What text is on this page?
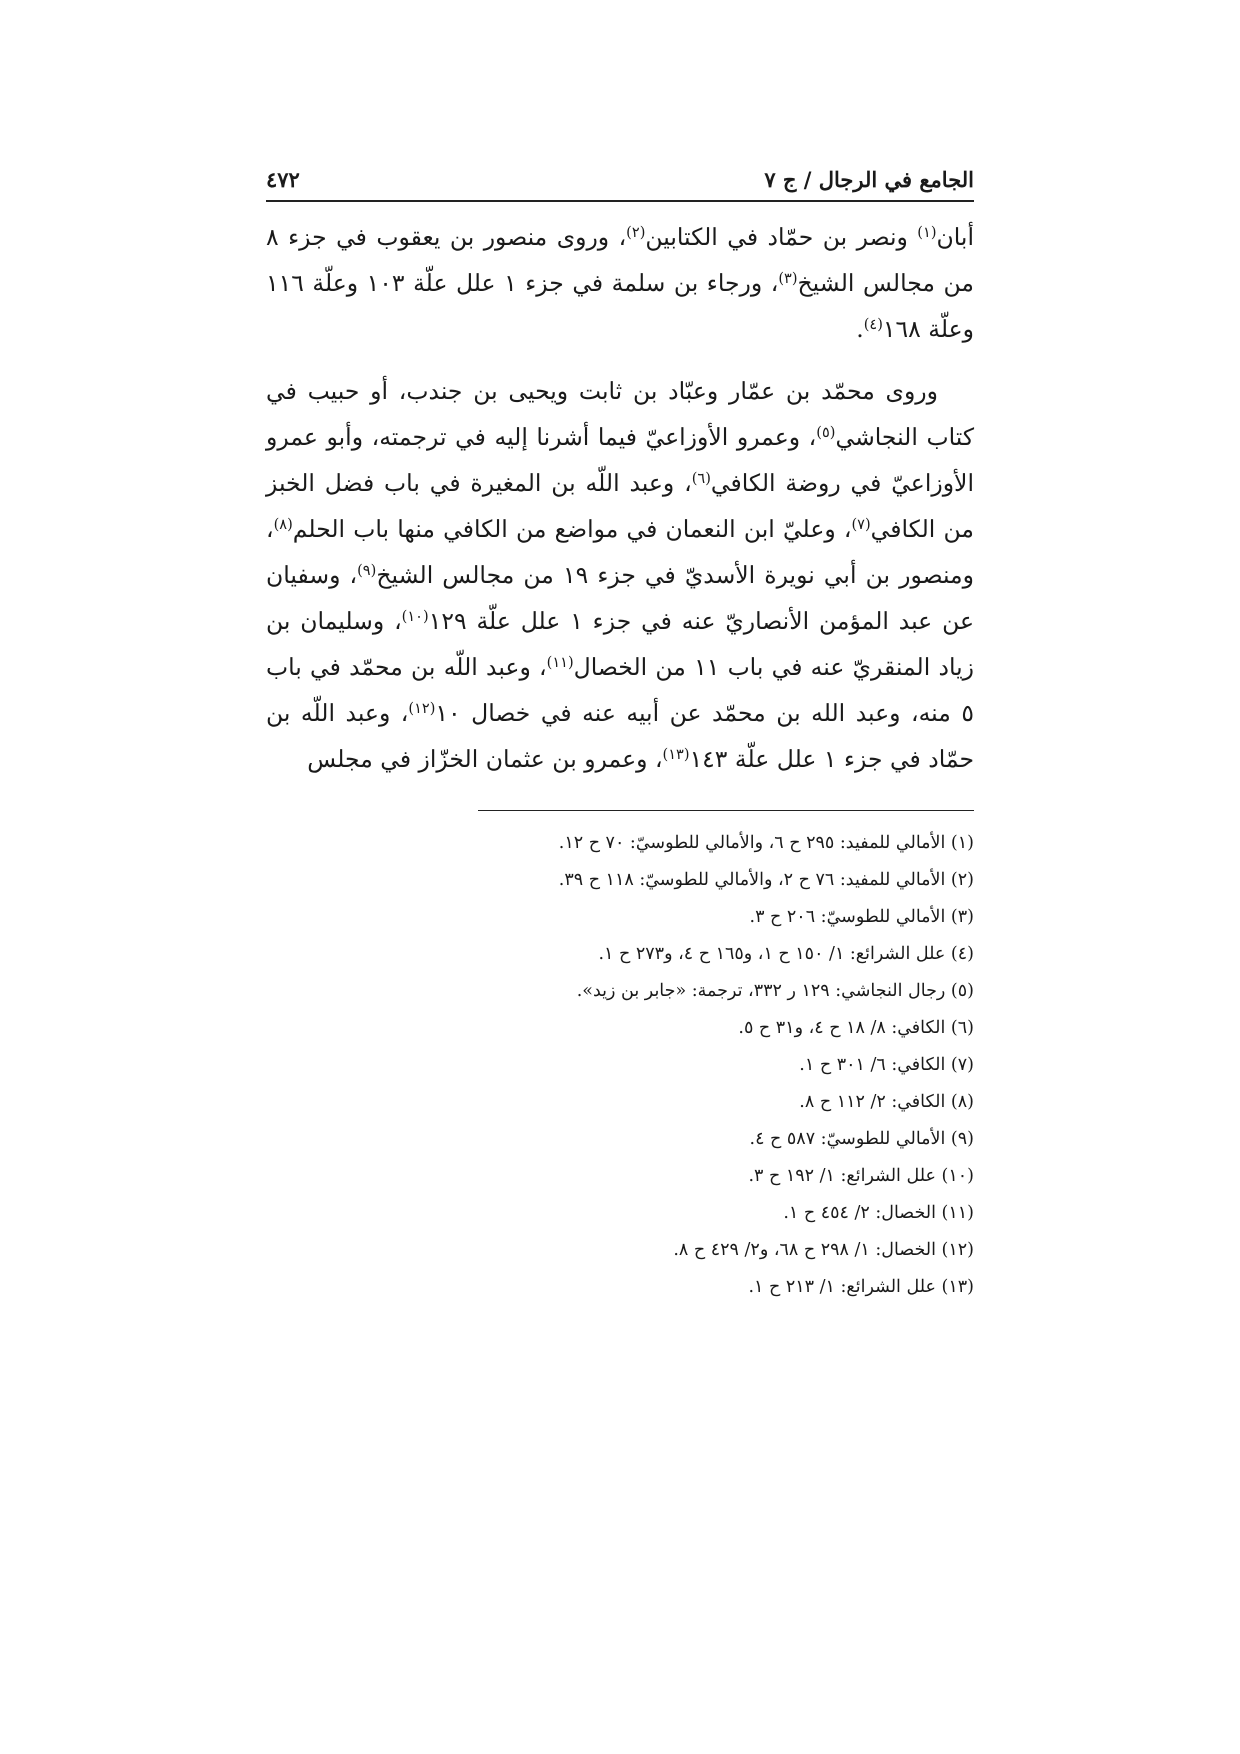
الجامع في الرجال / ج ٧
٤٧٢

أبان$^{(١)}$ ونصر بن حمّاد في الكتابين$^{(٢)}$، وروى منصور بن يعقوب في جزء ٨ من مجالس الشيخ$^{(٣)}$، ورجاء بن سلمة في جزء ١ علل علّة ١٠٣ وعلّة ١١٦ وعلّة ١٦٨$^{(٤)}$.

وروى محمّد بن عمّار وعبّاد بن ثابت ويحيى بن جندب، أو حبيب في كتاب النجاشي$^{(٥)}$، وعمرو الأوزاعيّ فيما أشرنا إليه في ترجمته، وأبو عمرو الأوزاعيّ في روضة الكافي$^{(٦)}$، وعبد اللّه بن المغيرة في باب فضل الخبز من الكافي$^{(٧)}$، وعليّ ابن النعمان في مواضع من الكافي منها باب الحلم$^{(٨)}$، ومنصور بن أبي نويرة الأسديّ في جزء ١٩ من مجالس الشيخ$^{(٩)}$، وسفيان عن عبد المؤمن الأنصاريّ عنه في جزء ١ علل علّة ١٢٩$^{(١٠)}$، وسليمان بن زياد المنقريّ عنه في باب ١١ من الخصال$^{(١١)}$، وعبد اللّه بن محمّد في باب ٥ منه، وعبد الله بن محمّد عن أبيه عنه في خصال ١٠$^{(١٢)}$، وعبد اللّه بن حمّاد في جزء ١ علل علّة ١٤٣$^{(١٣)}$، وعمرو بن عثمان الخزّاز في مجلس

(١) الأمالي للمفيد: ٢٩٥ ح ٦، والأمالي للطوسيّ: ٧٠ ح ١٢.
(٢) الأمالي للمفيد: ٧٦ ح ٢، والأمالي للطوسيّ: ١١٨ ح ٣٩.
(٣) الأمالي للطوسيّ: ٢٠٦ ح ٣.
(٤) علل الشرائع: ١/ ١٥٠ ح ١، و١٦٥ ح ٤، و٢٧٣ ح ١.
(٥) رجال النجاشي: ١٢٩ ر ٣٣٢، ترجمة: «جابر بن زيد».
(٦) الكافي: ٨/ ١٨ ح ٤، و٣١ ح ٥.
(٧) الكافي: ٦/ ٣٠١ ح ١.
(٨) الكافي: ٢/ ١١٢ ح ٨.
(٩) الأمالي للطوسيّ: ٥٨٧ ح ٤.
(١٠) علل الشرائع: ١/ ١٩٢ ح ٣.
(١١) الخصال: ٢/ ٤٥٤ ح ١.
(١٢) الخصال: ١/ ٢٩٨ ح ٦٨، و٢/ ٤٢٩ ح ٨.
(١٣) علل الشرائع: ١/ ٢١٣ ح ١.
